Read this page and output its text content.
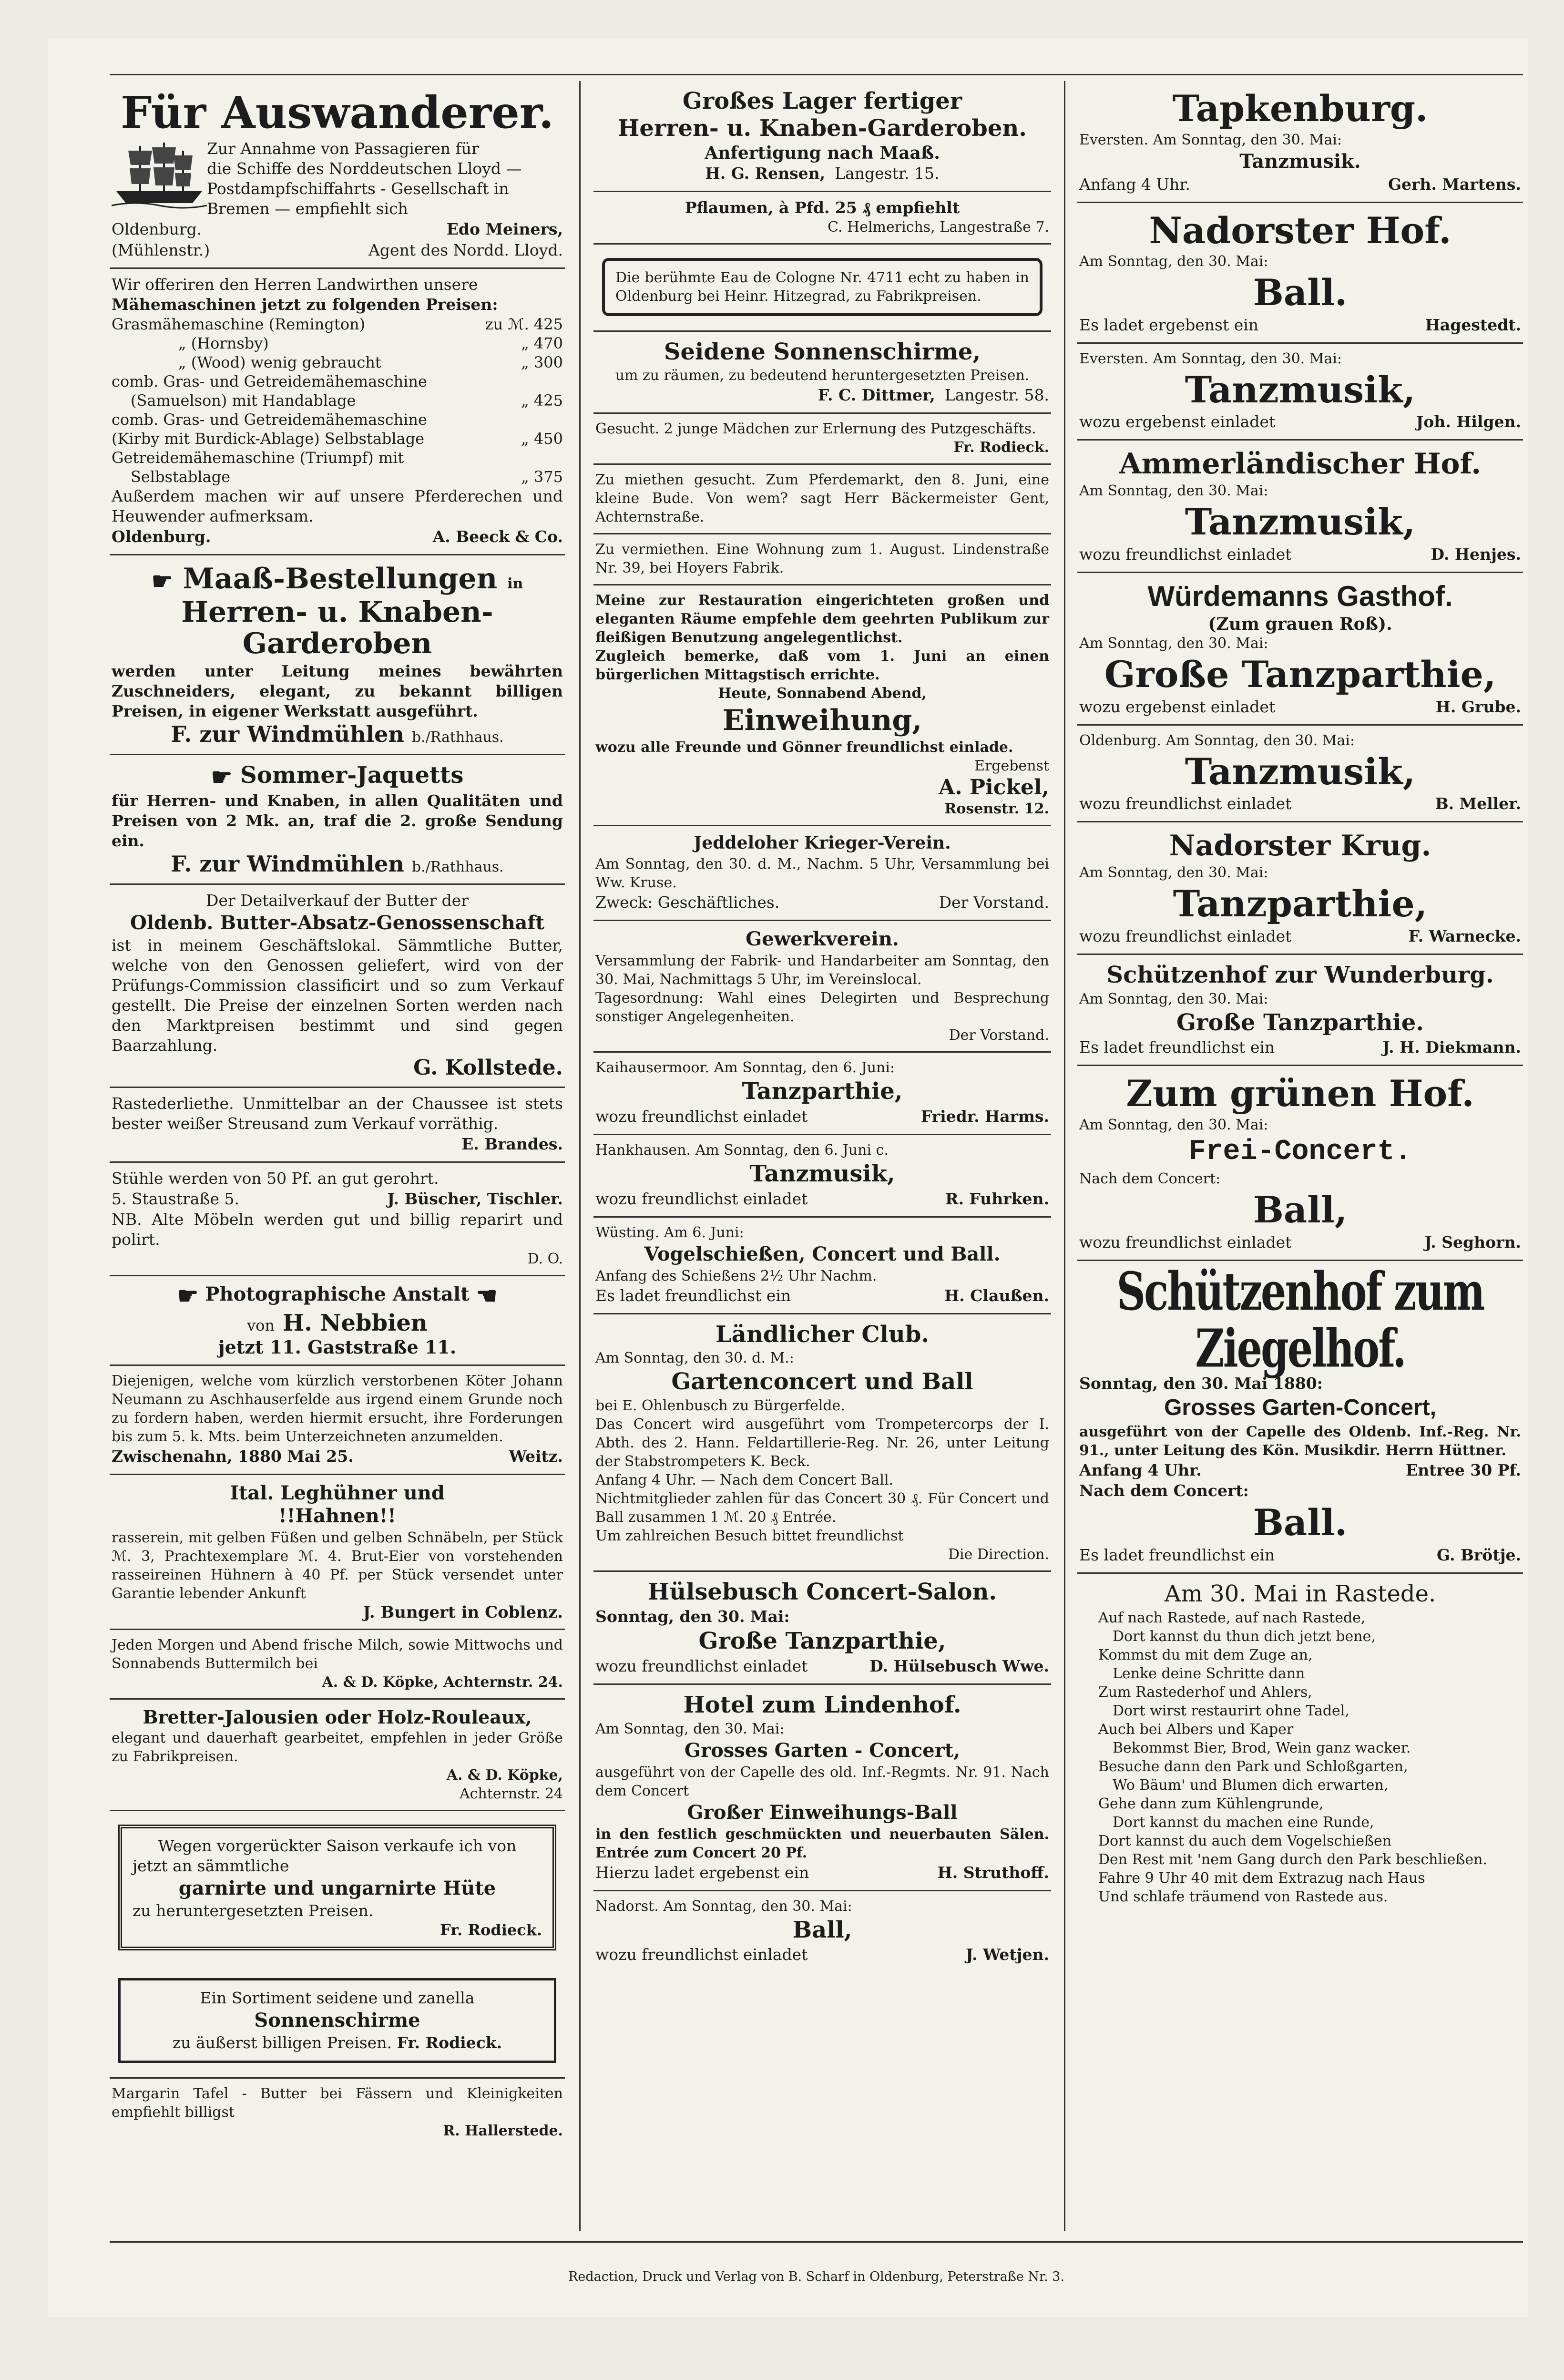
Für Auswanderer.
Zur Annahme von Passagieren für
die Schiffe des Norddeutschen Lloyd —
Postdampfschiffahrts - Gesellschaft in
Bremen — empfiehlt sich
Oldenburg.	Edo Meiners,
(Mühlenstr.)	Agent des Nordd. Lloyd.
Wir offeriren den Herren Landwirthen unsere
Mähemaschinen jetzt zu folgenden Preisen:
Grasmähemaschine (Remington)	zu ℳ. 425
„ (Hornsby)	„ 470
„ (Wood) wenig gebraucht	„ 300
comb. Gras- und Getreidemähemaschine
(Samuelson) mit Handablage	„ 425
comb. Gras- und Getreidemähemaschine
(Kirby mit Burdick-Ablage) Selbstablage	„ 450
Getreidemähemaschine (Triumpf) mit
Selbstablage	„ 375
Außerdem machen wir auf unsere Pferderechen und Heuwender aufmerksam.
Oldenburg.	A. Beeck & Co.
☛ Maaß-Bestellungen in
Herren- u. Knaben-Garderoben
werden unter Leitung meines bewährten Zuschneiders, elegant, zu bekannt billigen Preisen, in eigener Werkstatt ausgeführt.
F. zur Windmühlen b./Rathhaus.
☛ Sommer-Jaquetts
für Herren- und Knaben, in allen Qualitäten und Preisen von 2 Mk. an, traf die 2. große Sendung ein.
F. zur Windmühlen b./Rathhaus.
Der Detailverkauf der Butter der
Oldenb. Butter-Absatz-Genossenschaft
ist in meinem Geschäftslokal. Sämmtliche Butter, welche von den Genossen geliefert, wird von der Prüfungs-Commission classificirt und so zum Verkauf gestellt. Die Preise der einzelnen Sorten werden nach den Marktpreisen bestimmt und sind gegen Baarzahlung.
G. Kollstede.
Rastederliethe. Unmittelbar an der Chaussee ist stets bester weißer Streusand zum Verkauf vorräthig.
E. Brandes.
Stühle werden von 50 Pf. an gut gerohrt.
5. Staustraße 5.	J. Büscher, Tischler.
NB. Alte Möbeln werden gut und billig reparirt und polirt.
D. O.
☛ Photographische Anstalt ☚
von H. Nebbien
jetzt 11. Gaststraße 11.
Diejenigen, welche vom kürzlich verstorbenen Köter Johann Neumann zu Aschhauserfelde aus irgend einem Grunde noch zu fordern haben, werden hiermit ersucht, ihre Forderungen bis zum 5. k. Mts. beim Unterzeichneten anzumelden.
Zwischenahn, 1880 Mai 25.	Weitz.
Ital. Leghühner und
!!Hahnen!!
rasserein, mit gelben Füßen und gelben Schnäbeln, per Stück ℳ. 3, Prachtexemplare ℳ. 4. Brut-Eier von vorstehenden rasseireinen Hühnern à 40 Pf. per Stück versendet unter Garantie lebender Ankunft
J. Bungert in Coblenz.
Jeden Morgen und Abend frische Milch, sowie Mittwochs und Sonnabends Buttermilch bei
A. & D. Köpke, Achternstr. 24.
Bretter-Jalousien oder Holz-Rouleaux,
elegant und dauerhaft gearbeitet, empfehlen in jeder Größe zu Fabrikpreisen.
A. & D. Köpke,
Achternstr. 24
Wegen vorgerückter Saison verkaufe ich von
jetzt an sämmtliche
garnirte und ungarnirte Hüte
zu heruntergesetzten Preisen.
Fr. Rodieck.
Ein Sortiment seidene und zanella
Sonnenschirme
zu äußerst billigen Preisen. Fr. Rodieck.
Margarin Tafel - Butter bei Fässern und Kleinigkeiten empfiehlt billigst
R. Hallerstede.
Großes Lager fertiger
Herren- u. Knaben-Garderoben.
Anfertigung nach Maaß.
H. G. Rensen, Langestr. 15.
Pflaumen, à Pfd. 25 ₰ empfiehlt
C. Helmerichs, Langestraße 7.
Die berühmte Eau de Cologne Nr. 4711 echt zu haben in Oldenburg bei Heinr. Hitzegrad, zu Fabrikpreisen.
Seidene Sonnenschirme,
um zu räumen, zu bedeutend heruntergesetzten Preisen.
F. C. Dittmer, Langestr. 58.
Gesucht. 2 junge Mädchen zur Erlernung des Putzgeschäfts.
Fr. Rodieck.
Zu miethen gesucht. Zum Pferdemarkt, den 8. Juni, eine kleine Bude. Von wem? sagt Herr Bäckermeister Gent, Achternstraße.
Zu vermiethen. Eine Wohnung zum 1. August. Lindenstraße Nr. 39, bei Hoyers Fabrik.
Meine zur Restauration eingerichteten großen und eleganten Räume empfehle dem geehrten Publikum zur fleißigen Benutzung angelegentlichst.
Zugleich bemerke, daß vom 1. Juni an einen bürgerlichen Mittagstisch errichte.
Heute, Sonnabend Abend,
Einweihung,
wozu alle Freunde und Gönner freundlichst einlade.
Ergebenst
A. Pickel,
Rosenstr. 12.
Jeddeloher Krieger-Verein.
Am Sonntag, den 30. d. M., Nachm. 5 Uhr, Versammlung bei Ww. Kruse.
Zweck: Geschäftliches.	Der Vorstand.
Gewerkverein.
Versammlung der Fabrik- und Handarbeiter am Sonntag, den 30. Mai, Nachmittags 5 Uhr, im Vereinslocal.
Tagesordnung: Wahl eines Delegirten und Besprechung sonstiger Angelegenheiten.
Der Vorstand.
Kaihausermoor. Am Sonntag, den 6. Juni:
Tanzparthie,
wozu freundlichst einladet	Friedr. Harms.
Hankhausen. Am Sonntag, den 6. Juni c.
Tanzmusik,
wozu freundlichst einladet	R. Fuhrken.
Wüsting. Am 6. Juni:
Vogelschießen, Concert und Ball.
Anfang des Schießens 2½ Uhr Nachm.
Es ladet freundlichst ein	H. Claußen.
Ländlicher Club.
Am Sonntag, den 30. d. M.:
Gartenconcert und Ball
bei E. Ohlenbusch zu Bürgerfelde.
Das Concert wird ausgeführt vom Trompetercorps der I. Abth. des 2. Hann. Feldartillerie-Reg. Nr. 26, unter Leitung der Stabstrompeters K. Beck.
Anfang 4 Uhr. — Nach dem Concert Ball.
Nichtmitglieder zahlen für das Concert 30 ₰. Für Concert und Ball zusammen 1 ℳ. 20 ₰ Entrée.
Um zahlreichen Besuch bittet freundlichst
Die Direction.
Hülsebusch Concert-Salon.
Sonntag, den 30. Mai:
Große Tanzparthie,
wozu freundlichst einladet	D. Hülsebusch Wwe.
Hotel zum Lindenhof.
Am Sonntag, den 30. Mai:
Grosses Garten - Concert,
ausgeführt von der Capelle des old. Inf.-Regmts. Nr. 91. Nach dem Concert
Großer Einweihungs-Ball
in den festlich geschmückten und neuerbauten Sälen. Entrée zum Concert 20 Pf.
Hierzu ladet ergebenst ein	H. Struthoff.
Nadorst. Am Sonntag, den 30. Mai:
Ball,
wozu freundlichst einladet	J. Wetjen.
Tapkenburg.
Eversten. Am Sonntag, den 30. Mai:
Tanzmusik.
Anfang 4 Uhr.	Gerh. Martens.
Nadorster Hof.
Am Sonntag, den 30. Mai:
Ball.
Es ladet ergebenst ein	Hagestedt.
Eversten. Am Sonntag, den 30. Mai:
Tanzmusik,
wozu ergebenst einladet	Joh. Hilgen.
Ammerländischer Hof.
Am Sonntag, den 30. Mai:
Tanzmusik,
wozu freundlichst einladet	D. Henjes.
Würdemanns Gasthof.
(Zum grauen Roß).
Am Sonntag, den 30. Mai:
Große Tanzparthie,
wozu ergebenst einladet	H. Grube.
Oldenburg. Am Sonntag, den 30. Mai:
Tanzmusik,
wozu freundlichst einladet	B. Meller.
Nadorster Krug.
Am Sonntag, den 30. Mai:
Tanzparthie,
wozu freundlichst einladet	F. Warnecke.
Schützenhof zur Wunderburg.
Am Sonntag, den 30. Mai:
Große Tanzparthie.
Es ladet freundlichst ein	J. H. Diekmann.
Zum grünen Hof.
Am Sonntag, den 30. Mai:
Frei-Concert.
Nach dem Concert:
Ball,
wozu freundlichst einladet	J. Seghorn.
Schützenhof zum Ziegelhof.
Sonntag, den 30. Mai 1880:
Grosses Garten-Concert,
ausgeführt von der Capelle des Oldenb. Inf.-Reg. Nr. 91., unter Leitung des Kön. Musikdir. Herrn Hüttner.
Anfang 4 Uhr.	Entree 30 Pf.
Nach dem Concert:
Ball.
Es ladet freundlichst ein	G. Brötje.
Am 30. Mai in Rastede.
Auf nach Rastede, auf nach Rastede,
Dort kannst du thun dich jetzt bene,
Kommst du mit dem Zuge an,
Lenke deine Schritte dann
Zum Rastederhof und Ahlers,
Dort wirst restaurirt ohne Tadel,
Auch bei Albers und Kaper
Bekommst Bier, Brod, Wein ganz wacker.
Besuche dann den Park und Schloßgarten,
Wo Bäum' und Blumen dich erwarten,
Gehe dann zum Kühlengrunde,
Dort kannst du machen eine Runde,
Dort kannst du auch dem Vogelschießen
Den Rest mit 'nem Gang durch den Park beschließen.
Fahre 9 Uhr 40 mit dem Extrazug nach Haus
Und schlafe träumend von Rastede aus.
Redaction, Druck und Verlag von B. Scharf in Oldenburg, Peterstraße Nr. 3.
